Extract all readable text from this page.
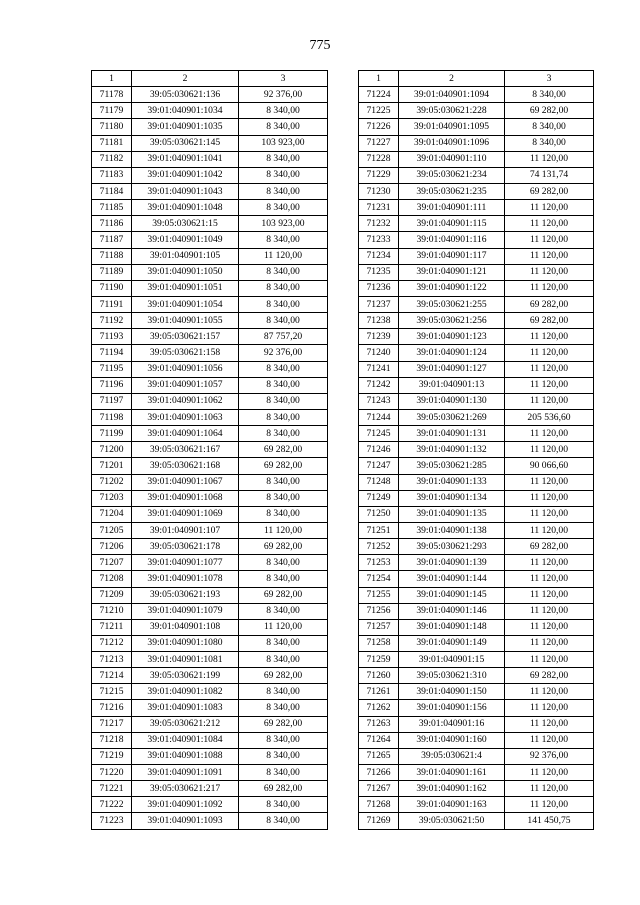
775
1	2	3
71178	39:05:030621:136	92 376,00
71179	39:01:040901:1034	8 340,00
71180	39:01:040901:1035	8 340,00
71181	39:05:030621:145	103 923,00
71182	39:01:040901:1041	8 340,00
71183	39:01:040901:1042	8 340,00
71184	39:01:040901:1043	8 340,00
71185	39:01:040901:1048	8 340,00
71186	39:05:030621:15	103 923,00
71187	39:01:040901:1049	8 340,00
71188	39:01:040901:105	11 120,00
71189	39:01:040901:1050	8 340,00
71190	39:01:040901:1051	8 340,00
71191	39:01:040901:1054	8 340,00
71192	39:01:040901:1055	8 340,00
71193	39:05:030621:157	87 757,20
71194	39:05:030621:158	92 376,00
71195	39:01:040901:1056	8 340,00
71196	39:01:040901:1057	8 340,00
71197	39:01:040901:1062	8 340,00
71198	39:01:040901:1063	8 340,00
71199	39:01:040901:1064	8 340,00
71200	39:05:030621:167	69 282,00
71201	39:05:030621:168	69 282,00
71202	39:01:040901:1067	8 340,00
71203	39:01:040901:1068	8 340,00
71204	39:01:040901:1069	8 340,00
71205	39:01:040901:107	11 120,00
71206	39:05:030621:178	69 282,00
71207	39:01:040901:1077	8 340,00
71208	39:01:040901:1078	8 340,00
71209	39:05:030621:193	69 282,00
71210	39:01:040901:1079	8 340,00
71211	39:01:040901:108	11 120,00
71212	39:01:040901:1080	8 340,00
71213	39:01:040901:1081	8 340,00
71214	39:05:030621:199	69 282,00
71215	39:01:040901:1082	8 340,00
71216	39:01:040901:1083	8 340,00
71217	39:05:030621:212	69 282,00
71218	39:01:040901:1084	8 340,00
71219	39:01:040901:1088	8 340,00
71220	39:01:040901:1091	8 340,00
71221	39:05:030621:217	69 282,00
71222	39:01:040901:1092	8 340,00
71223	39:01:040901:1093	8 340,00
1	2	3
71224	39:01:040901:1094	8 340,00
71225	39:05:030621:228	69 282,00
71226	39:01:040901:1095	8 340,00
71227	39:01:040901:1096	8 340,00
71228	39:01:040901:110	11 120,00
71229	39:05:030621:234	74 131,74
71230	39:05:030621:235	69 282,00
71231	39:01:040901:111	11 120,00
71232	39:01:040901:115	11 120,00
71233	39:01:040901:116	11 120,00
71234	39:01:040901:117	11 120,00
71235	39:01:040901:121	11 120,00
71236	39:01:040901:122	11 120,00
71237	39:05:030621:255	69 282,00
71238	39:05:030621:256	69 282,00
71239	39:01:040901:123	11 120,00
71240	39:01:040901:124	11 120,00
71241	39:01:040901:127	11 120,00
71242	39:01:040901:13	11 120,00
71243	39:01:040901:130	11 120,00
71244	39:05:030621:269	205 536,60
71245	39:01:040901:131	11 120,00
71246	39:01:040901:132	11 120,00
71247	39:05:030621:285	90 066,60
71248	39:01:040901:133	11 120,00
71249	39:01:040901:134	11 120,00
71250	39:01:040901:135	11 120,00
71251	39:01:040901:138	11 120,00
71252	39:05:030621:293	69 282,00
71253	39:01:040901:139	11 120,00
71254	39:01:040901:144	11 120,00
71255	39:01:040901:145	11 120,00
71256	39:01:040901:146	11 120,00
71257	39:01:040901:148	11 120,00
71258	39:01:040901:149	11 120,00
71259	39:01:040901:15	11 120,00
71260	39:05:030621:310	69 282,00
71261	39:01:040901:150	11 120,00
71262	39:01:040901:156	11 120,00
71263	39:01:040901:16	11 120,00
71264	39:01:040901:160	11 120,00
71265	39:05:030621:4	92 376,00
71266	39:01:040901:161	11 120,00
71267	39:01:040901:162	11 120,00
71268	39:01:040901:163	11 120,00
71269	39:05:030621:50	141 450,75
